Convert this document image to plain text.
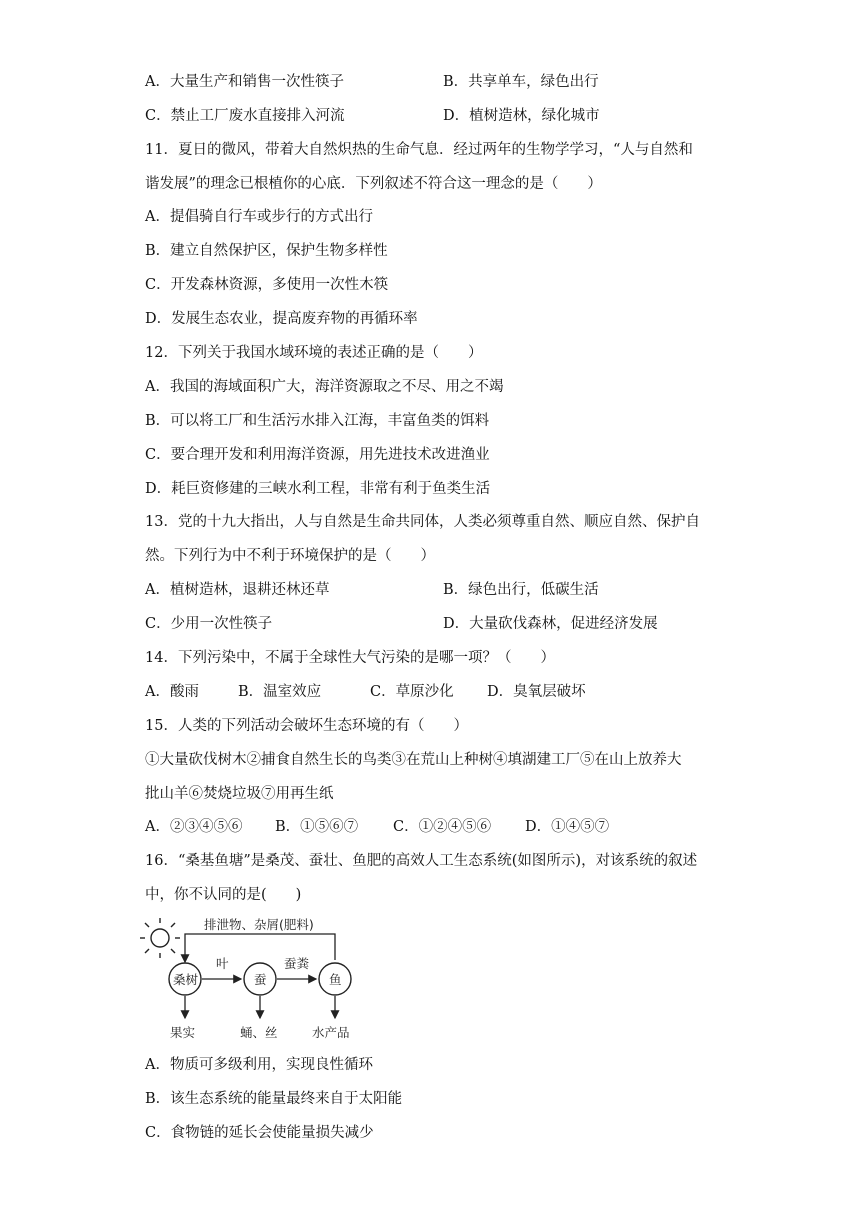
A．大量生产和销售一次性筷子	B．共享单车，绿色出行
C．禁止工厂废水直接排入河流	D．植树造林，绿化城市
11．夏日的微风，带着大自然炽热的生命气息．经过两年的生物学学习，“人与自然和
谐发展”的理念已根植你的心底．下列叙述不符合这一理念的是（　　）
A．提倡骑自行车或步行的方式出行
B．建立自然保护区，保护生物多样性
C．开发森林资源，多使用一次性木筷
D．发展生态农业，提高废弃物的再循环率
12．下列关于我国水域环境的表述正确的是（　　）
A．我国的海域面积广大，海洋资源取之不尽、用之不竭
B．可以将工厂和生活污水排入江海，丰富鱼类的饵料
C．要合理开发和利用海洋资源，用先进技术改进渔业
D．耗巨资修建的三峡水利工程，非常有利于鱼类生活
13．党的十九大指出，人与自然是生命共同体，人类必须尊重自然、顺应自然、保护自
然。下列行为中不利于环境保护的是（　　）
A．植树造林，退耕还林还草	B．绿色出行，低碳生活
C．少用一次性筷子	D．大量砍伐森林，促进经济发展
14．下列污染中，不属于全球性大气污染的是哪一项？（　　）
A．酸雨	B．温室效应	C．草原沙化 D．臭氧层破坏
15．人类的下列活动会破坏生态环境的有（　　）
①大量砍伐树木②捕食自然生长的鸟类③在荒山上种树④填湖建工厂⑤在山上放养大
批山羊⑥焚烧垃圾⑦用再生纸
A．②③④⑤⑥ B．①⑤⑥⑦ C．①②④⑤⑥ D．①④⑤⑦
16．“桑基鱼塘”是桑茂、蚕壮、鱼肥的高效人工生态系统(如图所示)，对该系统的叙述
中，你不认同的是(　　)
排泄物、杂屑(肥料)
桑树	蚕	鱼
叶	蚕粪
果实	蛹、丝	水产品
A．物质可多级利用，实现良性循环
B．该生态系统的能量最终来自于太阳能
C．食物链的延长会使能量损失减少
